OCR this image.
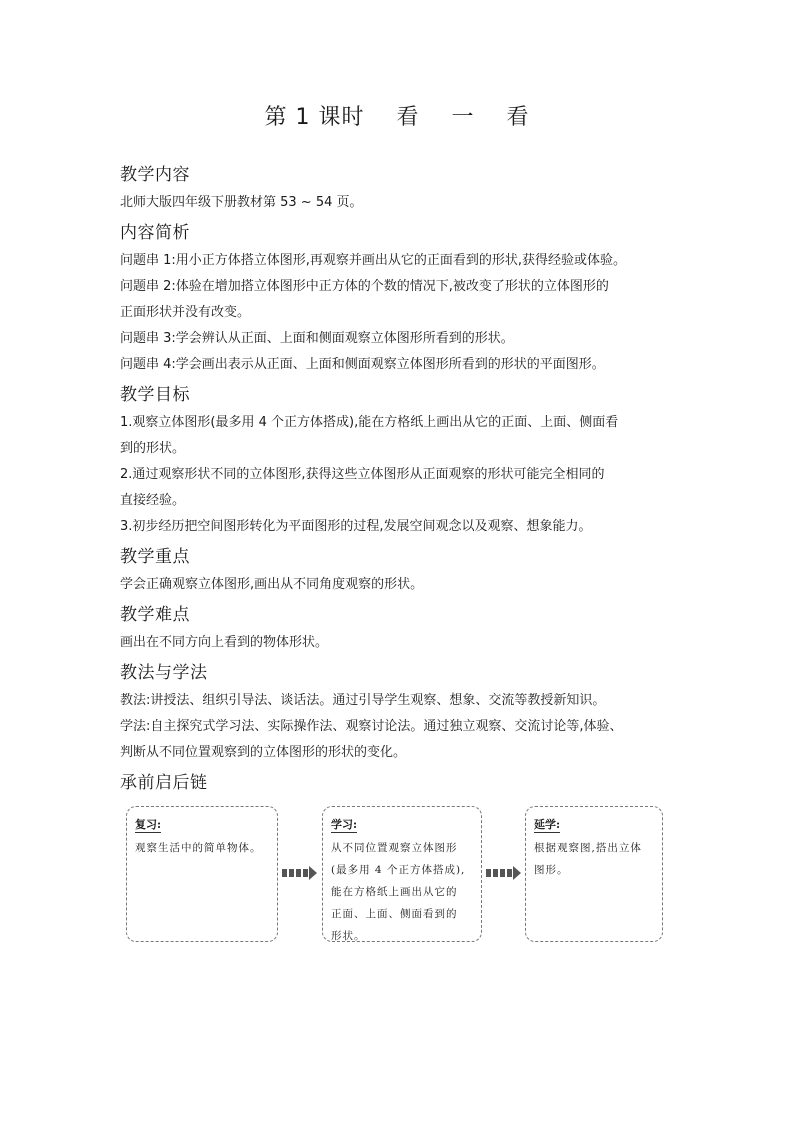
第 1 课时    看    一    看
教学内容

北师大版四年级下册教材第 53 ~ 54 页。

内容简析

问题串 1:用小正方体搭立体图形,再观察并画出从它的正面看到的形状,获得经验或体验。

问题串 2:体验在增加搭立体图形中正方体的个数的情况下,被改变了形状的立体图形的

正面形状并没有改变。

问题串 3:学会辨认从正面、上面和侧面观察立体图形所看到的形状。

问题串 4:学会画出表示从正面、上面和侧面观察立体图形所看到的形状的平面图形。

教学目标

1.观察立体图形(最多用 4 个正方体搭成),能在方格纸上画出从它的正面、上面、侧面看

到的形状。

2.通过观察形状不同的立体图形,获得这些立体图形从正面观察的形状可能完全相同的

直接经验。

3.初步经历把空间图形转化为平面图形的过程,发展空间观念以及观察、想象能力。

教学重点

学会正确观察立体图形,画出从不同角度观察的形状。

教学难点

画出在不同方向上看到的物体形状。

教法与学法

教法:讲授法、组织引导法、谈话法。通过引导学生观察、想象、交流等教授新知识。

学法:自主探究式学习法、实际操作法、观察讨论法。通过独立观察、交流讨论等,体验、

判断从不同位置观察到的立体图形的形状的变化。

承前启后链
复习:
观察生活中的简单物体。
学习:
从不同位置观察立体图形
(最多用 4 个正方体搭成),
能在方格纸上画出从它的
正面、上面、侧面看到的
形状。
延学:
根据观察图,搭出立体
图形。
